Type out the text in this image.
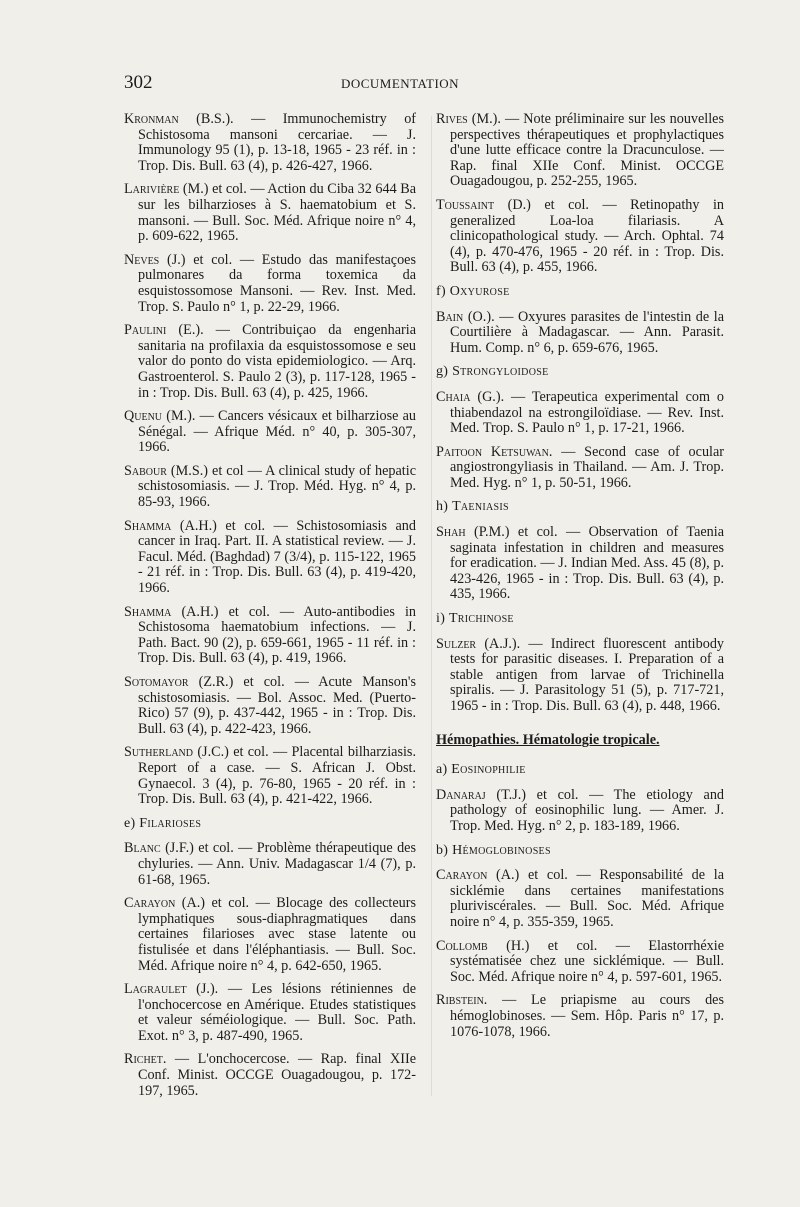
302	DOCUMENTATION

Kronman (B.S.). — Immunochemistry of Schistosoma mansoni cercariae. — J. Immunology 95 (1), p. 13-18, 1965 - 23 réf. in : Trop. Dis. Bull. 63 (4), p. 426-427, 1966.

Larivière (M.) et col. — Action du Ciba 32 644 Ba sur les bilharzioses à S. haematobium et S. mansoni. — Bull. Soc. Méd. Afrique noire n° 4, p. 609-622, 1965.

Neves (J.) et col. — Estudo das manifestaçoes pulmonares da forma toxemica da esquistossomose Mansoni. — Rev. Inst. Med. Trop. S. Paulo n° 1, p. 22-29, 1966.

Paulini (E.). — Contribuiçao da engenharia sanitaria na profilaxia da esquistossomose e seu valor do ponto do vista epidemiologico. — Arq. Gastroenterol. S. Paulo 2 (3), p. 117-128, 1965 - in : Trop. Dis. Bull. 63 (4), p. 425, 1966.

Quenu (M.). — Cancers vésicaux et bilharziose au Sénégal. — Afrique Méd. n° 40, p. 305-307, 1966.

Sabour (M.S.) et col — A clinical study of hepatic schistosomiasis. — J. Trop. Méd. Hyg. n° 4, p. 85-93, 1966.

Shamma (A.H.) et col. — Schistosomiasis and cancer in Iraq. Part. II. A statistical review. — J. Facul. Méd. (Baghdad) 7 (3/4), p. 115-122, 1965 - 21 réf. in : Trop. Dis. Bull. 63 (4), p. 419-420, 1966.

Shamma (A.H.) et col. — Auto-antibodies in Schistosoma haematobium infections. — J. Path. Bact. 90 (2), p. 659-661, 1965 - 11 réf. in : Trop. Dis. Bull. 63 (4), p. 419, 1966.

Sotomayor (Z.R.) et col. — Acute Manson's schistosomiasis. — Bol. Assoc. Med. (Puerto-Rico) 57 (9), p. 437-442, 1965 - in : Trop. Dis. Bull. 63 (4), p. 422-423, 1966.

Sutherland (J.C.) et col. — Placental bilharziasis. Report of a case. — S. African J. Obst. Gynaecol. 3 (4), p. 76-80, 1965 - 20 réf. in : Trop. Dis. Bull. 63 (4), p. 421-422, 1966.

e) Filarioses

Blanc (J.F.) et col. — Problème thérapeutique des chyluries. — Ann. Univ. Madagascar 1/4 (7), p. 61-68, 1965.

Carayon (A.) et col. — Blocage des collecteurs lymphatiques sous-diaphragmatiques dans certaines filarioses avec stase latente ou fistulisée et dans l'éléphantiasis. — Bull. Soc. Méd. Afrique noire n° 4, p. 642-650, 1965.

Lagraulet (J.). — Les lésions rétiniennes de l'onchocercose en Amérique. Etudes statistiques et valeur séméiologique. — Bull. Soc. Path. Exot. n° 3, p. 487-490, 1965.

Richet. — L'onchocercose. — Rap. final XIIe Conf. Minist. OCCGE Ouagadougou, p. 172-197, 1965.

Rives (M.). — Note préliminaire sur les nouvelles perspectives thérapeutiques et prophylactiques d'une lutte efficace contre la Dracunculose. — Rap. final XIIe Conf. Minist. OCCGE Ouagadougou, p. 252-255, 1965.

Toussaint (D.) et col. — Retinopathy in generalized Loa-loa filariasis. A clinicopathological study. — Arch. Ophtal. 74 (4), p. 470-476, 1965 - 20 réf. in : Trop. Dis. Bull. 63 (4), p. 455, 1966.

f) Oxyurose

Bain (O.). — Oxyures parasites de l'intestin de la Courtilière à Madagascar. — Ann. Parasit. Hum. Comp. n° 6, p. 659-676, 1965.

g) Strongyloidose

Chaia (G.). — Terapeutica experimental com o thiabendazol na estrongiloïdiase. — Rev. Inst. Med. Trop. S. Paulo n° 1, p. 17-21, 1966.

Paitoon Ketsuwan. — Second case of ocular angiostrongyliasis in Thailand. — Am. J. Trop. Med. Hyg. n° 1, p. 50-51, 1966.

h) Taeniasis

Shah (P.M.) et col. — Observation of Taenia saginata infestation in children and measures for eradication. — J. Indian Med. Ass. 45 (8), p. 423-426, 1965 - in : Trop. Dis. Bull. 63 (4), p. 435, 1966.

i) Trichinose

Sulzer (A.J.). — Indirect fluorescent antibody tests for parasitic diseases. I. Preparation of a stable antigen from larvae of Trichinella spiralis. — J. Parasitology 51 (5), p. 717-721, 1965 - in : Trop. Dis. Bull. 63 (4), p. 448, 1966.

Hémopathies. Hématologie tropicale.
a) Eosinophilie

Danaraj (T.J.) et col. — The etiology and pathology of eosinophilic lung. — Amer. J. Trop. Med. Hyg. n° 2, p. 183-189, 1966.

b) Hémoglobinoses

Carayon (A.) et col. — Responsabilité de la sicklémie dans certaines manifestations pluriviscérales. — Bull. Soc. Méd. Afrique noire n° 4, p. 355-359, 1965.

Collomb (H.) et col. — Elastorrhéxie systématisée chez une sicklémique. — Bull. Soc. Méd. Afrique noire n° 4, p. 597-601, 1965.

Ribstein. — Le priapisme au cours des hémoglobinoses. — Sem. Hôp. Paris n° 17, p. 1076-1078, 1966.
